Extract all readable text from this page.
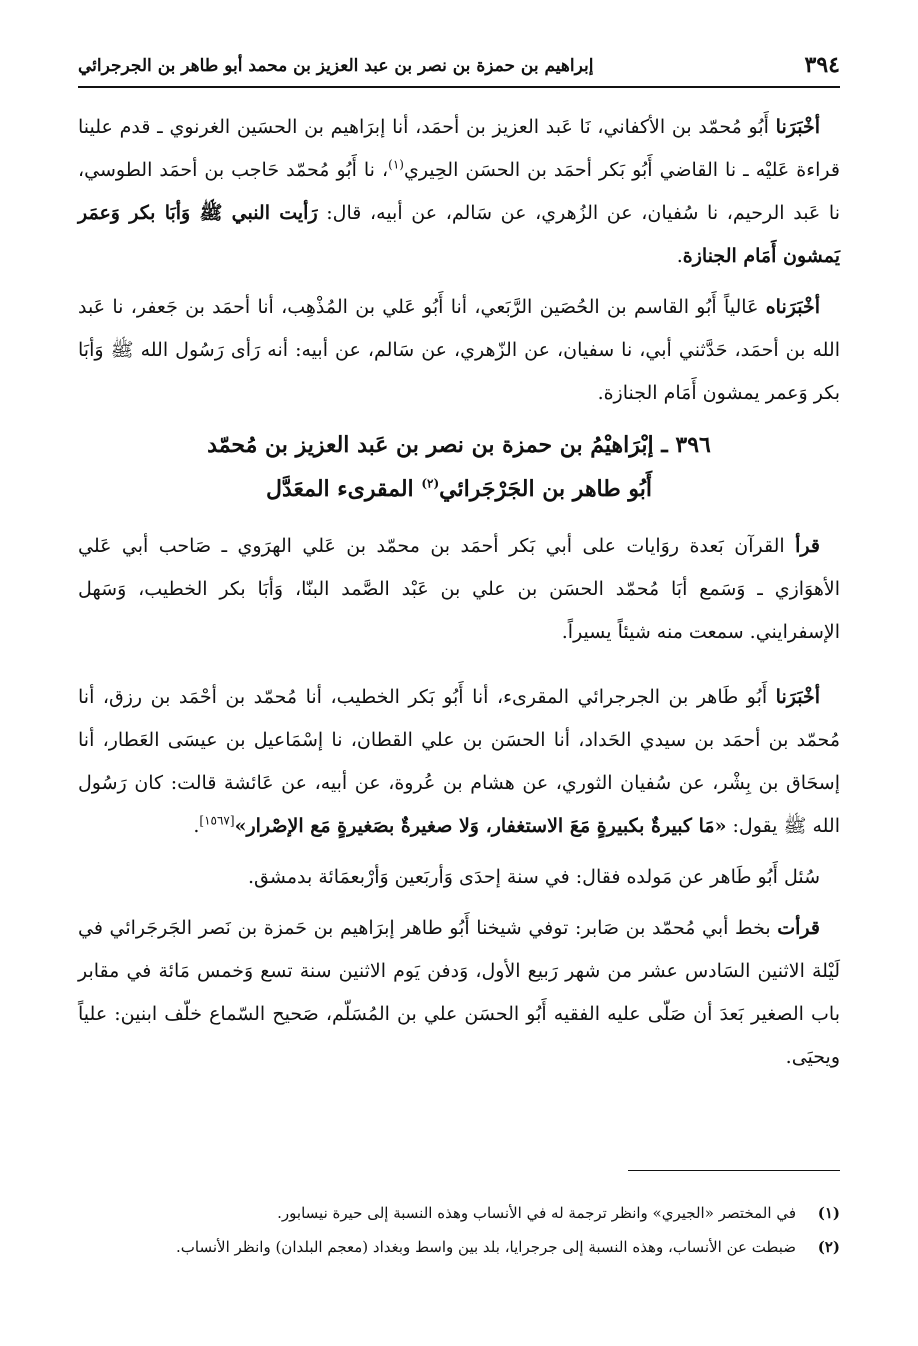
٣٩٤
إبراهيم بن حمزة بن نصر بن عبد العزيز بن محمد أبو طاهر بن الجرجرائي

أخْبَرَنا أَبُو مُحمّد بن الأكفاني، نَا عَبد العزيز بن أحمَد، أنا إبرَاهيم بن الحسَين الغرنوي ـ قدم علينا قراءة عَليْه ـ نا القاضي أَبُو بَكر أحمَد بن الحسَن الحِيري$^{(١)}$، نا أَبُو مُحمّد حَاجب بن أحمَد الطوسي، نا عَبد الرحيم، نا سُفيان، عن الزُهري، عن سَالم، عن أبيه، قال: رَأيت النبي ﷺ وَأبَا بكر وَعمَر يَمشون أَمَام الجنازة.

أخْبَرَناه عَالياً أَبُو القاسم بن الحُصَين الرَّبَعي، أنا أَبُو عَلي بن المُذْهِب، أنا أحمَد بن جَعفر، نا عَبد الله بن أحمَد، حَدَّثني أبي، نا سفيان، عن الزّهري، عن سَالم، عن أبيه: أنه رَأى رَسُول الله ﷺ وَأبَا بكر وَعمر يمشون أَمَام الجنازة.

٣٩٦ ـ إبْرَاهيْمُ بن حمزة بن نصر بن عَبد العزيز بن مُحمّد
أَبُو طاهر بن الجَرْجَرائي$^{(٢)}$ المقرىء المعَدَّل

قرأ القرآن بَعدة روَايات على أبي بَكر أحمَد بن محمّد بن عَلي الهرَوي ـ صَاحب أبي عَلي الأهوَازي ـ وَسَمع أبَا مُحمّد الحسَن بن علي بن عَبْد الصَّمد البنّا، وَأبَا بكر الخطيب، وَسَهل الإسفرايني. سمعت منه شيئاً يسيراً.

أخْبَرَنا أَبُو طَاهر بن الجرجرائي المقرىء، أنا أَبُو بَكر الخطيب، أنا مُحمّد بن أحْمَد بن رزق، أنا مُحمّد بن أحمَد بن سيدي الحَداد، أنا الحسَن بن علي القطان، نا إسْمَاعيل بن عيسَى العَطار، أنا إسحَاق بن بِشْر، عن سُفيان الثوري، عن هشام بن عُروة، عن أبيه، عن عَائشة قالت: كان رَسُول الله ﷺ يقول: «مَا كبيرةٌ بكبيرةٍ مَعَ الاستغفار، وَلا صغيرةٌ بصَغيرةٍ مَع الإصْرار»[١٥٦٧].

سُئل أَبُو طَاهر عن مَولده فقال: في سنة إحدَى وَأربَعين وَأرْبعمَائة بدمشق.

قرأت بخط أبي مُحمّد بن صَابر: توفي شيخنا أَبُو طاهر إبرَاهيم بن حَمزة بن نَصر الجَرجَرائي في لَيْلة الاثنين السَادس عشر من شهر رَبيع الأول، وَدفن يَوم الاثنين سنة تسع وَخمس مَائة في مقابر باب الصغير بَعدَ أن صَلّى عليه الفقيه أَبُو الحسَن علي بن المُسَلّم، صَحيح السّماع خلّف ابنين: علياً ويحيَى.

(١)
في المختصر «الجيري» وانظر ترجمة له في الأنساب وهذه النسبة إلى حيرة نيسابور.
(٢)
ضبطت عن الأنساب، وهذه النسبة إلى جرجرايا، بلد بين واسط وبغداد (معجم البلدان) وانظر الأنساب.
